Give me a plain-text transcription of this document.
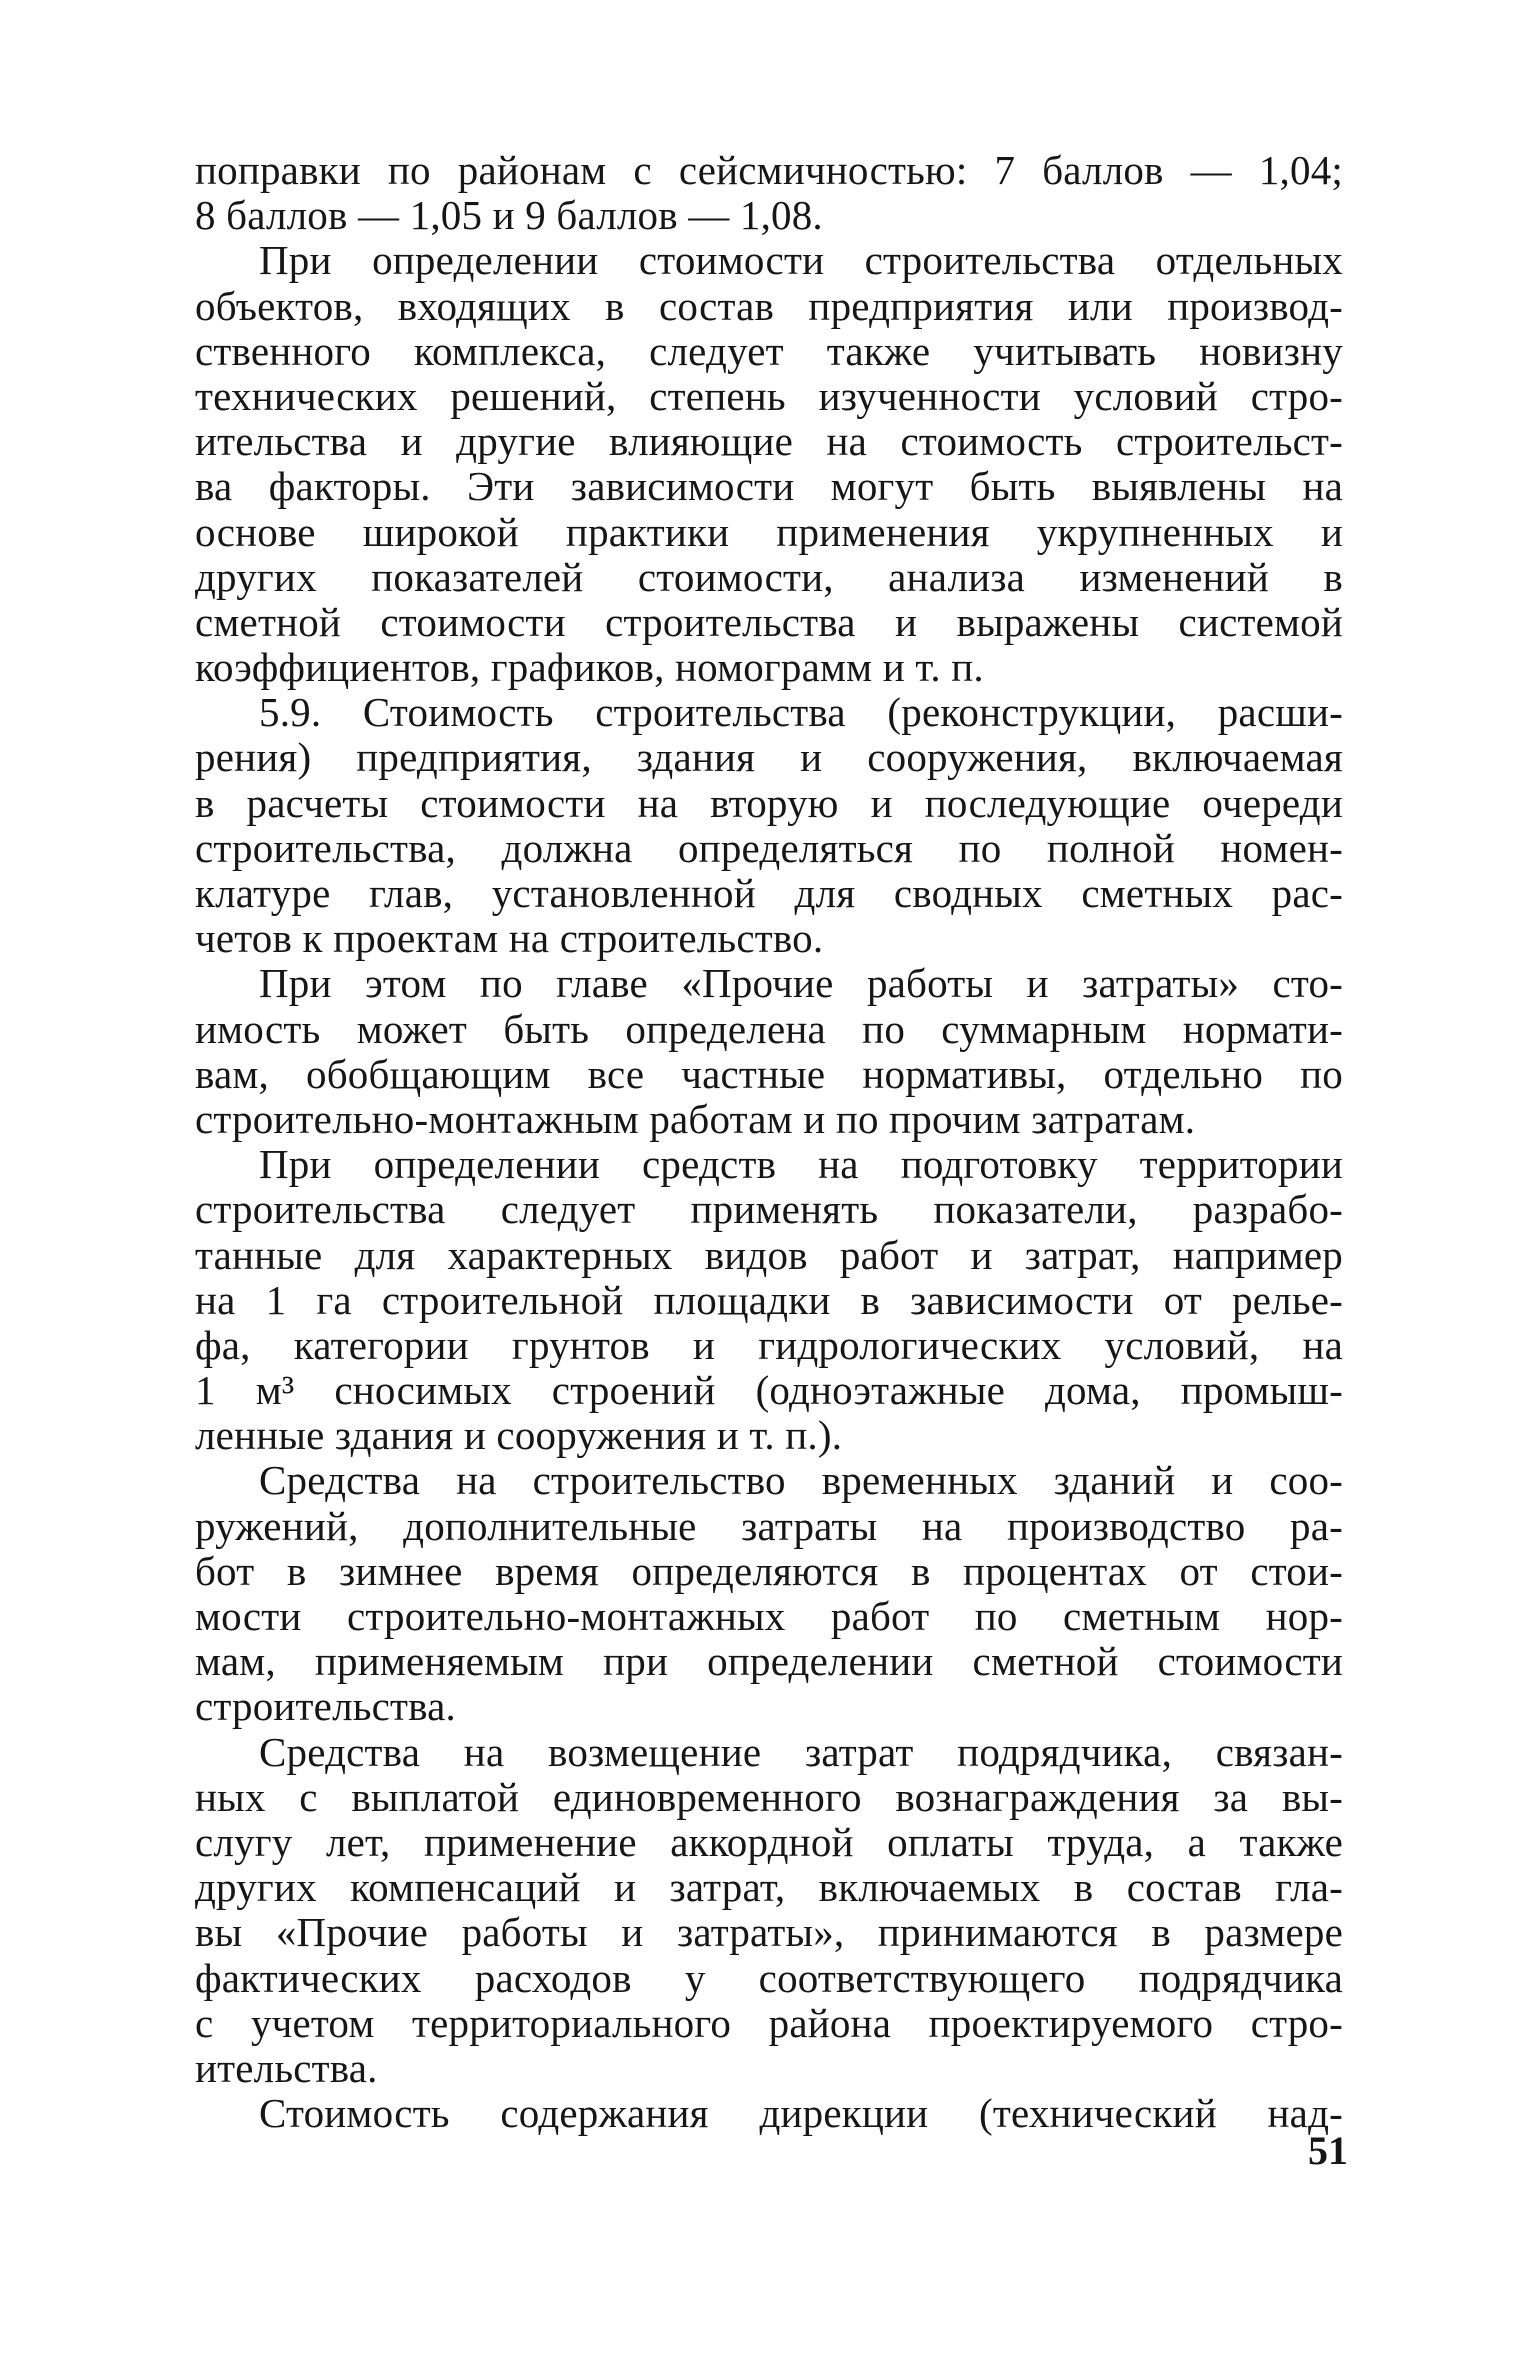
поправки по районам с сейсмичностью: 7 баллов — 1,04;
8 баллов — 1,05 и 9 баллов — 1,08.
При определении стоимости строительства отдельных
объектов, входящих в состав предприятия или производ-
ственного комплекса, следует также учитывать новизну
технических решений, степень изученности условий стро-
ительства и другие влияющие на стоимость строительст-
ва факторы. Эти зависимости могут быть выявлены на
основе широкой практики применения укрупненных и
других показателей стоимости, анализа изменений в
сметной стоимости строительства и выражены системой
коэффициентов, графиков, номограмм и т. п.
5.9. Стоимость строительства (реконструкции, расши-
рения) предприятия, здания и сооружения, включаемая
в расчеты стоимости на вторую и последующие очереди
строительства, должна определяться по полной номен-
клатуре глав, установленной для сводных сметных рас-
четов к проектам на строительство.
При этом по главе «Прочие работы и затраты» сто-
имость может быть определена по суммарным нормати-
вам, обобщающим все частные нормативы, отдельно по
строительно-монтажным работам и по прочим затратам.
При определении средств на подготовку территории
строительства следует применять показатели, разрабо-
танные для характерных видов работ и затрат, например
на 1 га строительной площадки в зависимости от релье-
фа, категории грунтов и гидрологических условий, на
1 м³ сносимых строений (одноэтажные дома, промыш-
ленные здания и сооружения и т. п.).
Средства на строительство временных зданий и соо-
ружений, дополнительные затраты на производство ра-
бот в зимнее время определяются в процентах от стои-
мости строительно-монтажных работ по сметным нор-
мам, применяемым при определении сметной стоимости
строительства.
Средства на возмещение затрат подрядчика, связан-
ных с выплатой единовременного вознаграждения за вы-
слугу лет, применение аккордной оплаты труда, а также
других компенсаций и затрат, включаемых в состав гла-
вы «Прочие работы и затраты», принимаются в размере
фактических расходов у соответствующего подрядчика
с учетом территориального района проектируемого стро-
ительства.
Стоимость содержания дирекции (технический над-
51
